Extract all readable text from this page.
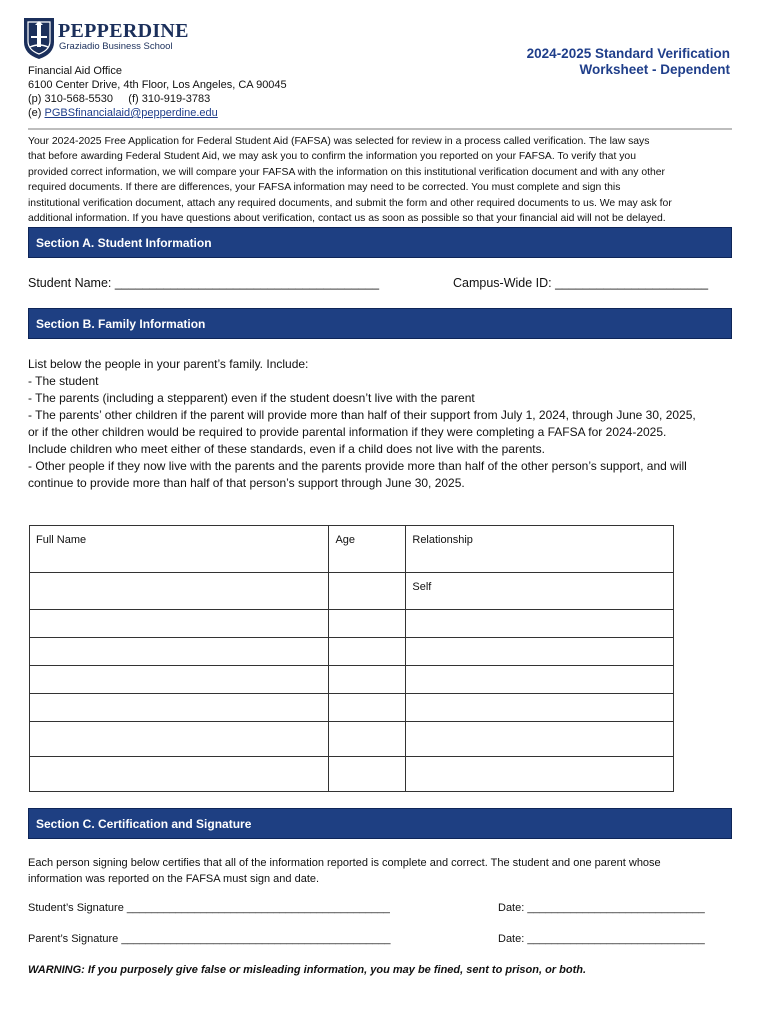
PEPPERDINE
Graziadio Business School	2024-2025 Standard Verification
Worksheet - Dependent
Financial Aid Office
6100 Center Drive, 4th Floor, Los Angeles, CA 90045
(p) 310-568-5530 (f) 310-919-3783
(e) PGBSfinancialaid@pepperdine.edu
Your 2024-2025 Free Application for Federal Student Aid (FAFSA) was selected for review in a process called verification. The law says
that before awarding Federal Student Aid, we may ask you to confirm the information you reported on your FAFSA. To verify that you
provided correct information, we will compare your FAFSA with the information on this institutional verification document and with any other
required documents. If there are differences, your FAFSA information may need to be corrected. You must complete and sign this
institutional verification document, attach any required documents, and submit the form and other required documents to us. We may ask for
additional information. If you have questions about verification, contact us as soon as possible so that your financial aid will not be delayed.
Section A. Student Information
Student Name: ______________________________________	Campus-Wide ID: ______________________
Section B. Family Information
List below the people in your parent’s family. Include:
- The student
- The parents (including a stepparent) even if the student doesn’t live with the parent
- The parents’ other children if the parent will provide more than half of their support from July 1, 2024, through June 30, 2025,
or if the other children would be required to provide parental information if they were completing a FAFSA for 2024-2025.
Include children who meet either of these standards, even if a child does not live with the parents.
- Other people if they now live with the parents and the parents provide more than half of the other person’s support, and will
continue to provide more than half of that person’s support through June 30, 2025.
Full Name	Age	Relationship
		Self

Section C. Certification and Signature
Each person signing below certifies that all of the information reported is complete and correct. The student and one parent whose
information was reported on the FAFSA must sign and date.
Student’s Signature ___________________________________________	Date: _____________________________
Parent’s Signature ____________________________________________	Date: _____________________________
WARNING: If you purposely give false or misleading information, you may be fined, sent to prison, or both.
